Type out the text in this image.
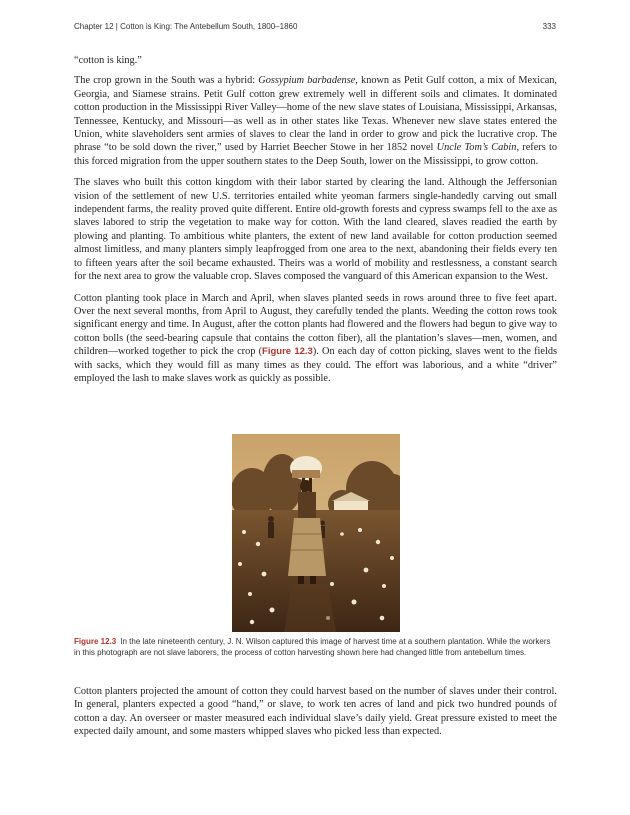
Chapter 12 | Cotton is King: The Antebellum South, 1800–1860	333

“cotton is king.”

The crop grown in the South was a hybrid: Gossypium barbadense, known as Petit Gulf cotton, a mix of Mexican, Georgia, and Siamese strains. Petit Gulf cotton grew extremely well in different soils and climates. It dominated cotton production in the Mississippi River Valley—home of the new slave states of Louisiana, Mississippi, Arkansas, Tennessee, Kentucky, and Missouri—as well as in other states like Texas. Whenever new slave states entered the Union, white slaveholders sent armies of slaves to clear the land in order to grow and pick the lucrative crop. The phrase “to be sold down the river,” used by Harriet Beecher Stowe in her 1852 novel Uncle Tom’s Cabin, refers to this forced migration from the upper southern states to the Deep South, lower on the Mississippi, to grow cotton.

The slaves who built this cotton kingdom with their labor started by clearing the land. Although the Jeffersonian vision of the settlement of new U.S. territories entailed white yeoman farmers single-handedly carving out small independent farms, the reality proved quite different. Entire old-growth forests and cypress swamps fell to the axe as slaves labored to strip the vegetation to make way for cotton. With the land cleared, slaves readied the earth by plowing and planting. To ambitious white planters, the extent of new land available for cotton production seemed almost limitless, and many planters simply leapfrogged from one area to the next, abandoning their fields every ten to fifteen years after the soil became exhausted. Theirs was a world of mobility and restlessness, a constant search for the next area to grow the valuable crop. Slaves composed the vanguard of this American expansion to the West.

Cotton planting took place in March and April, when slaves planted seeds in rows around three to five feet apart. Over the next several months, from April to August, they carefully tended the plants. Weeding the cotton rows took significant energy and time. In August, after the cotton plants had flowered and the flowers had begun to give way to cotton bolls (the seed-bearing capsule that contains the cotton fiber), all the plantation’s slaves—men, women, and children—worked together to pick the crop (Figure 12.3). On each day of cotton picking, slaves went to the fields with sacks, which they would fill as many times as they could. The effort was laborious, and a white “driver” employed the lash to make slaves work as quickly as possible.

Figure 12.3 In the late nineteenth century, J. N. Wilson captured this image of harvest time at a southern plantation. While the workers in this photograph are not slave laborers, the process of cotton harvesting shown here had changed little from antebellum times.

Cotton planters projected the amount of cotton they could harvest based on the number of slaves under their control. In general, planters expected a good “hand,” or slave, to work ten acres of land and pick two hundred pounds of cotton a day. An overseer or master measured each individual slave’s daily yield. Great pressure existed to meet the expected daily amount, and some masters whipped slaves who picked less than expected.
